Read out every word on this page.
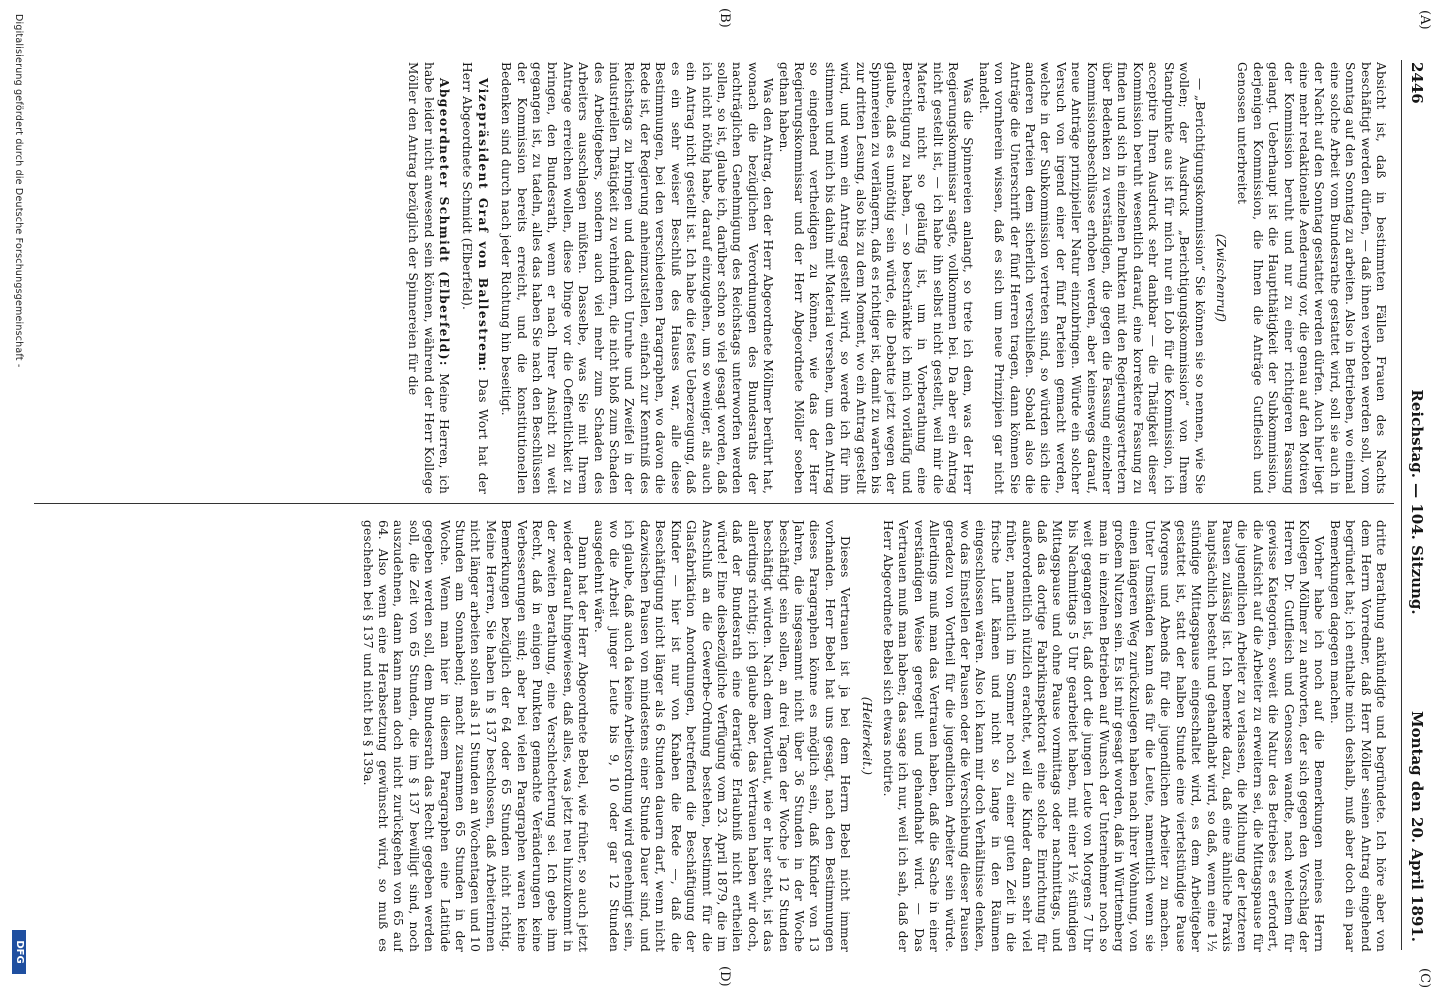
2446
Reichstag. — 104. Sitzung.
Montag den 20. April 1891.
(A)
(B)
(C)
(D)

Absicht ist, daß in bestimmten Fällen Frauen des Nachts beschäftigt werden dürfen, — daß ihnen verboten werden soll, vom Sonntag auf den Sonntag zu arbeiten. Also in Betrieben, wo einmal eine solche Arbeit vom Bundesrathe gestattet wird, soll sie auch in der Nacht auf den Sonntag gestattet werden dürfen. Auch hier liegt eine mehr redaktionelle Aenderung vor, die genau auf den Motiven der Kommission beruht und nur zu einer richtigeren Fassung gelangt. Ueberhaupt ist die Hauptthätigkeit der Subkommission, derjenigen Kommission, die Ihnen die Anträge Gutfleisch und Genossen unterbreitet

(Zwischenruf)

— „Berichtigungskommission“ Sie können sie so nennen, wie Sie wollen; der Ausdruck „Berichtigungskommission“ von Ihrem Standpunkte aus ist für mich nur ein Lob für die Kommission, ich acceptire Ihren Ausdruck sehr dankbar — die Thätigkeit dieser Kommission beruht wesentlich darauf, eine korrektere Fassung zu finden und sich in einzelnen Punkten mit den Regierungsvertretern über Bedenken zu verständigen, die gegen die Fassung einzelner Kommissionsbeschlüsse erhoben werden, aber keineswegs darauf, neue Anträge prinzipieller Natur einzubringen. Würde ein solcher Versuch von irgend einer der fünf Parteien gemacht werden, welche in der Subkommission vertreten sind, so würden sich die anderen Parteien dem sicherlich verschließen. Sobald also die Anträge die Unterschrift der fünf Herren tragen, dann können Sie von vornherein wissen, daß es sich um neue Prinzipien gar nicht handelt.

Was die Spinnereien anlangt, so trete ich dem, was der Herr Regierungskommissar sagte, vollkommen bei. Da aber ein Antrag nicht gestellt ist, — ich habe ihn selbst nicht gestellt, weil mir die Materie nicht so geläufig ist, um in Vorberathung eine Berechtigung zu haben, — so beschränkte ich mich vorläufig und glaube, daß es unnöthig sein würde, die Debatte jetzt wegen der Spinnereien zu verlängern, daß es richtiger ist, damit zu warten bis zur dritten Lesung, also bis zu dem Moment, wo ein Antrag gestellt wird, und wenn ein Antrag gestellt wird, so werde ich für ihn stimmen und mich bis dahin mit Material versehen, um den Antrag so eingehend vertheidigen zu können, wie das der Herr Regierungskommissar und der Herr Abgeordnete Möller soeben gethan haben.

Was den Antrag, den der Herr Abgeordnete Möllmer berührt hat, wonach die bezüglichen Verordnungen des Bundesraths der nachträglichen Genehmigung des Reichstags unterworfen werden sollen, so ist, glaube ich, darüber schon so viel gesagt worden, daß ich nicht nöthig habe, darauf einzugehen, um so weniger, als auch ein Antrag nicht gestellt ist. Ich habe die feste Ueberzeugung, daß es ein sehr weiser Beschluß des Hauses war, alle diese Bestimmungen, bei den verschiedenen Paragraphen, wo davon die Rede ist, der Regierung anheimzustellen, einfach zur Kenntniß des Reichstags zu bringen und dadurch Unruhe und Zweifel in der industriellen Thätigkeit zu verhindern, die nicht bloß zum Schaden des Arbeitgebers, sondern auch viel mehr zum Schaden des Arbeiters ausschlagen müßten. Dasselbe, was Sie mit Ihrem Antrage erreichen wollen, diese Dinge vor die Oeffentlichkeit zu bringen, den Bundesrath, wenn er nach Ihrer Ansicht zu weit gegangen ist, zu tadeln, alles das haben Sie nach den Beschlüssen der Kommission bereits erreicht, und die konstitutionellen Bedenken sind durch nach jeder Richtung hin beseitigt.

Vizepräsident Graf von Ballestrem: Das Wort hat der Herr Abgeordnete Schmidt (Elberfeld).

Abgeordneter Schmidt (Elberfeld): Meine Herren, ich habe leider nicht anwesend sein können, während der Herr Kollege Möller den Antrag bezüglich der Spinnereien für die

dritte Berathung ankündigte und begründete. Ich höre aber von dem Herrn Vorredner, daß Herr Möller seinen Antrag eingehend begründet hat; ich enthalte mich deshalb, muß aber doch ein paar Bemerkungen dagegen machen.

Vorher habe ich noch auf die Bemerkungen meines Herrn Kollegen Möllmer zu antworten, der sich gegen den Vorschlag der Herren Dr. Gutfleisch und Genossen wandte, nach welchem für gewisse Kategorien, soweit die Natur des Betriebes es erfordert, die Aufsicht auf die Arbeiter zu erweitern sei, die Mittagspause für die jugendlichen Arbeiter zu verlassen, die Milchung der letzteren Pausen zulässig ist. Ich bemerke dazu, daß eine ähnliche Praxis hauptsächlich besteht und gehandhabt wird, so daß, wenn eine 1½ stündige Mittagspause eingeschaltet wird, es dem Arbeitgeber gestattet ist, statt der halben Stunde eine viertelstündige Pause Morgens und Abends für die jugendlichen Arbeiter zu machen. Unter Umständen kann das für die Leute, namentlich wenn sie einen längeren Weg zurückzulegen haben nach ihrer Wohnung, von großem Nutzen sein. Es ist mir gesagt worden, daß in Württemberg man in einzelnen Betrieben auf Wunsch der Unternehmer noch so weit gegangen ist, daß dort die jungen Leute von Morgens 7 Uhr bis Nachmittags 5 Uhr gearbeitet haben, mit einer 1½ stündigen Mittagspause und ohne Pause vormittags oder nachmittags, und daß das dortige Fabrikinspektorat eine solche Einrichtung für außerordentlich nützlich erachtet, weil die Kinder dann sehr viel früher, namentlich im Sommer noch zu einer guten Zeit in die frische Luft kämen und nicht so lange in den Räumen eingeschlossen wären. Also ich kann mir doch Verhältnisse denken, wo das Einstellen der Pausen oder die Verschiebung dieser Pausen geradezu von Vortheil für die jugendlichen Arbeiter sein würde. Allerdings muß man das Vertrauen haben, daß die Sache in einer verständigen Weise geregelt und gehandhabt wird. — Das Vertrauen muß man haben; das sage ich nur, weil ich sah, daß der Herr Abgeordnete Bebel sich etwas notirte.

(Heiterkeit.)

Dieses Vertrauen ist ja bei dem Herrn Bebel nicht immer vorhanden. Herr Bebel hat uns gesagt, nach den Bestimmungen dieses Paragraphen könne es möglich sein, daß Kinder von 13 Jahren, die insgesammt nicht über 36 Stunden in der Woche beschäftigt sein sollen, an drei Tagen der Woche je 12 Stunden beschäftigt würden. Nach dem Wortlaut, wie er hier steht, ist das allerdings richtig; ich glaube aber, das Vertrauen haben wir doch, daß der Bundesrath eine derartige Erlaubniß nicht ertheilen würde! Eine diesbezügliche Verfügung vom 23. April 1879, die im Anschluß an die Gewerbe-Ordnung bestehen, bestimmt für die Glasfabrikation Anordnungen, betreffend die Beschäftigung der Kinder — hier ist nur von Knaben die Rede —, daß die Beschäftigung nicht länger als 6 Stunden dauern darf, wenn nicht dazwischen Pausen von mindestens einer Stunde Dauer sind, und ich glaube, daß auch da keine Arbeitsordnung wird genehmigt sein, wo die Arbeit junger Leute bis 9, 10 oder gar 12 Stunden ausgedehnt wäre.

Dann hat der Herr Abgeordnete Bebel, wie früher, so auch jetzt wieder darauf hingewiesen, daß alles, was jetzt neu hinzukommt in der zweiten Berathung, eine Verschlechterung sei. Ich gebe ihm Recht, daß in einigen Punkten gemachte Veränderungen keine Verbesserungen sind; aber bei vielen Paragraphen waren keine Bemerkungen bezüglich der 64 oder 65 Stunden nicht richtig. Meine Herren, Sie haben in § 137 beschlossen, daß Arbeiterinnen nicht länger arbeiten sollen als 11 Stunden an Wochentagen und 10 Stunden am Sonnabend; macht zusammen 65 Stunden in der Woche. Wenn man hier in diesem Paragraphen eine Latitüde gegeben werden soll, dem Bundesrath das Recht gegeben werden soll, die Zeit von 65 Stunden, die im § 137 bewilligt sind, noch auszudehnen, dann kann man doch nicht zurückgehen von 65 auf 64. Also wenn eine Herabsetzung gewünscht wird, so muß es geschehen bei § 137 und nicht bei § 139a.

Digitalisierung gefördert durch die Deutsche Forschungsgemeinschaft -
DFG
